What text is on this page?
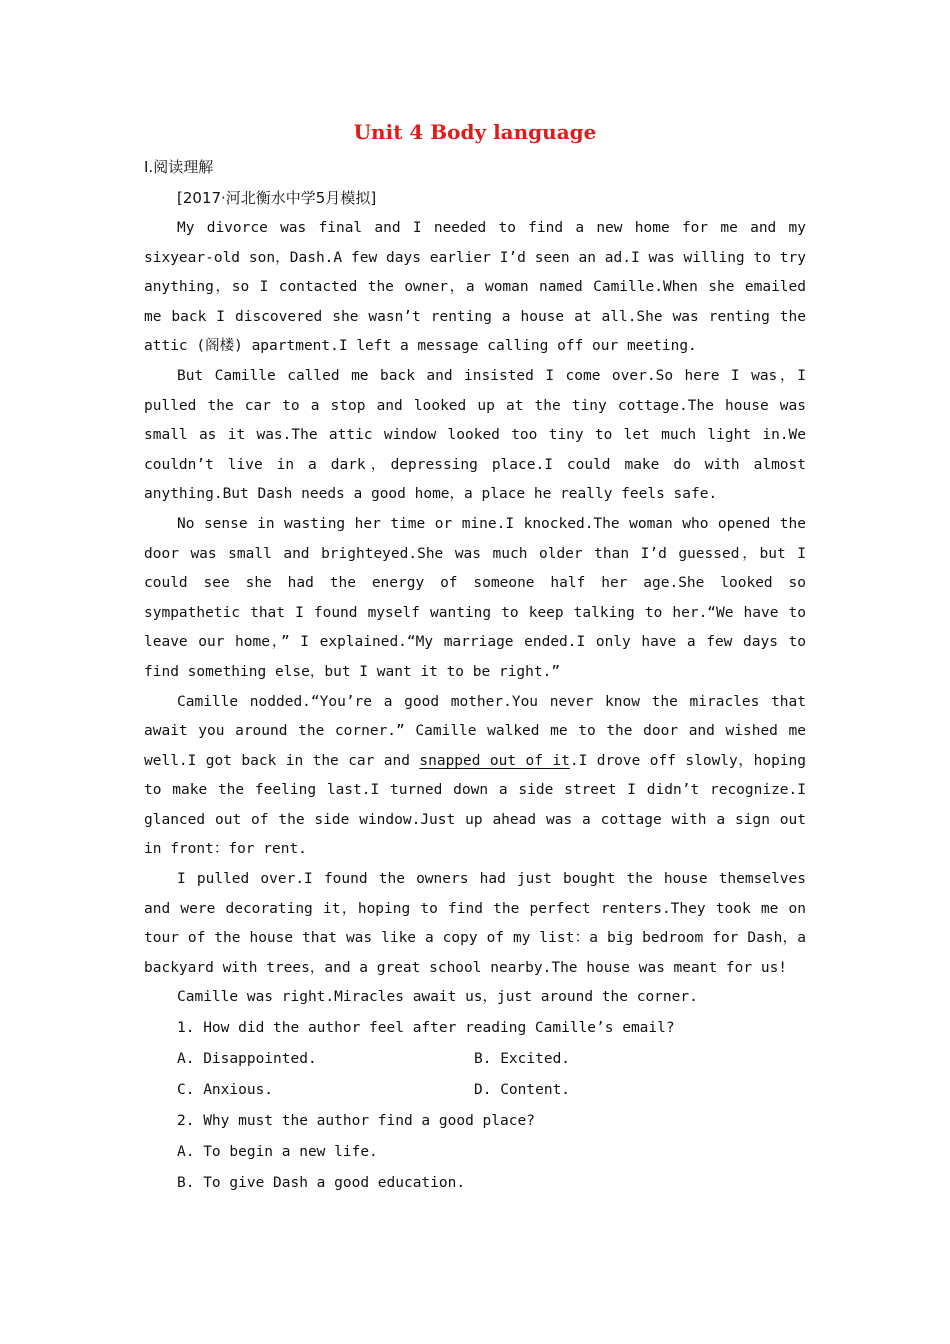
Unit 4 Body language
Ⅰ.阅读理解
[2017·河北衡水中学5月模拟]

My divorce was final and I needed to find a new home for me and my sixyear-old son，Dash.A few days earlier I’d seen an ad.I was willing to try anything，so I contacted the owner，a woman named Camille.When she emailed me back I discovered she wasn’t renting a house at all.She was renting the attic (阁楼) apartment.I left a message calling off our meeting.

But Camille called me back and insisted I come over.So here I was，I pulled the car to a stop and looked up at the tiny cottage.The house was small as it was.The attic window looked too tiny to let much light in.We couldn’t live in a dark，depressing place.I could make do with almost anything.But Dash needs a good home，a place he really feels safe.

No sense in wasting her time or mine.I knocked.The woman who opened the door was small and brighteyed.She was much older than I’d guessed，but I could see she had the energy of someone half her age.She looked so sympathetic that I found myself wanting to keep talking to her.“We have to leave our home，” I explained.“My marriage ended.I only have a few days to find something else，but I want it to be right.”

Camille nodded.“You’re a good mother.You never know the miracles that await you around the corner.” Camille walked me to the door and wished me well.I got back in the car and snapped out of it.I drove off slowly，hoping to make the feeling last.I turned down a side street I didn’t recognize.I glanced out of the side window.Just up ahead was a cottage with a sign out in front：for rent.

I pulled over.I found the owners had just bought the house themselves and were decorating it，hoping to find the perfect renters.They took me on tour of the house that was like a copy of my list：a big bedroom for Dash，a backyard with trees，and a great school nearby.The house was meant for us!

Camille was right.Miracles await us，just around the corner.

1. How did the author feel after reading Camille’s email?

A. Disappointed.	B. Excited.

C. Anxious.	D. Content.

2. Why must the author find a good place?

A. To begin a new life.

B. To give Dash a good education.
